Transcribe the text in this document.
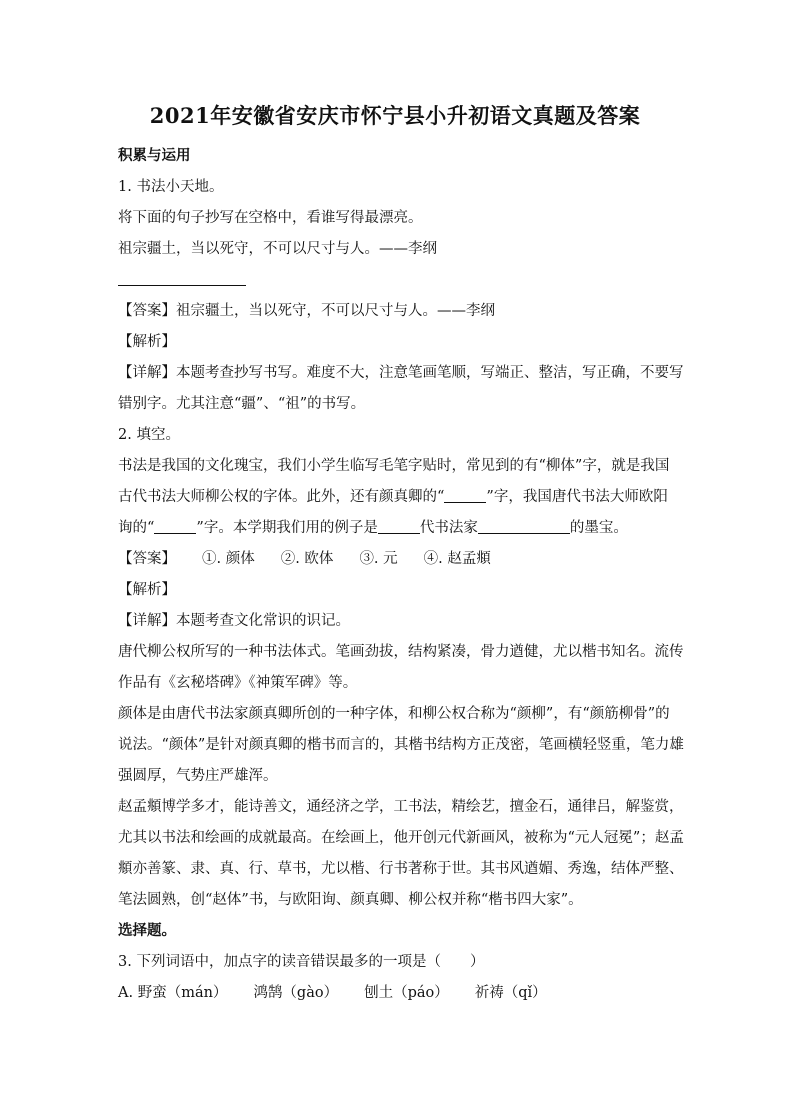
2021年安徽省安庆市怀宁县小升初语文真题及答案
积累与运用
1. 书法小天地。
将下面的句子抄写在空格中，看谁写得最漂亮。
祖宗疆土，当以死守，不可以尺寸与人。——李纲
【答案】祖宗疆土，当以死守，不可以尺寸与人。——李纲
【解析】
【详解】本题考查抄写书写。难度不大，注意笔画笔顺，写端正、整洁，写正确，不要写
错别字。尤其注意“疆”、“祖”的书写。
2. 填空。
书法是我国的文化瑰宝，我们小学生临写毛笔字贴时，常见到的有“柳体”字，就是我国
古代书法大师柳公权的字体。此外，还有颜真卿的“	”字，我国唐代书法大师欧阳
询的“	”字。本学期我们用的例子是	代书法家	的墨宝。
【答案】 ①. 颜体 ②. 欧体 ③. 元 ④. 赵孟頫
【解析】
【详解】本题考查文化常识的识记。
唐代柳公权所写的一种书法体式。笔画劲拔，结构紧凑，骨力遒健，尤以楷书知名。流传
作品有《玄秘塔碑》《神策军碑》等。
颜体是由唐代书法家颜真卿所创的一种字体，和柳公权合称为“颜柳”，有“颜筋柳骨”的
说法。“颜体”是针对颜真卿的楷书而言的，其楷书结构方正茂密，笔画横轻竖重，笔力雄
强圆厚，气势庄严雄浑。
赵孟頫博学多才，能诗善文，通经济之学，工书法，精绘艺，擅金石，通律吕，解鉴赏，
尤其以书法和绘画的成就最高。在绘画上，他开创元代新画风，被称为“元人冠冕”；赵孟
頫亦善篆、隶、真、行、草书，尤以楷、行书著称于世。其书风遒媚、秀逸，结体严整、
笔法圆熟，创“赵体”书，与欧阳询、颜真卿、柳公权并称“楷书四大家”。
选择题。
3. 下列词语中，加点字的读音错误最多的一项是（　　）
A. 野蛮（mán） 鸿鹄（gào） 刨土（páo） 祈祷（qǐ）
